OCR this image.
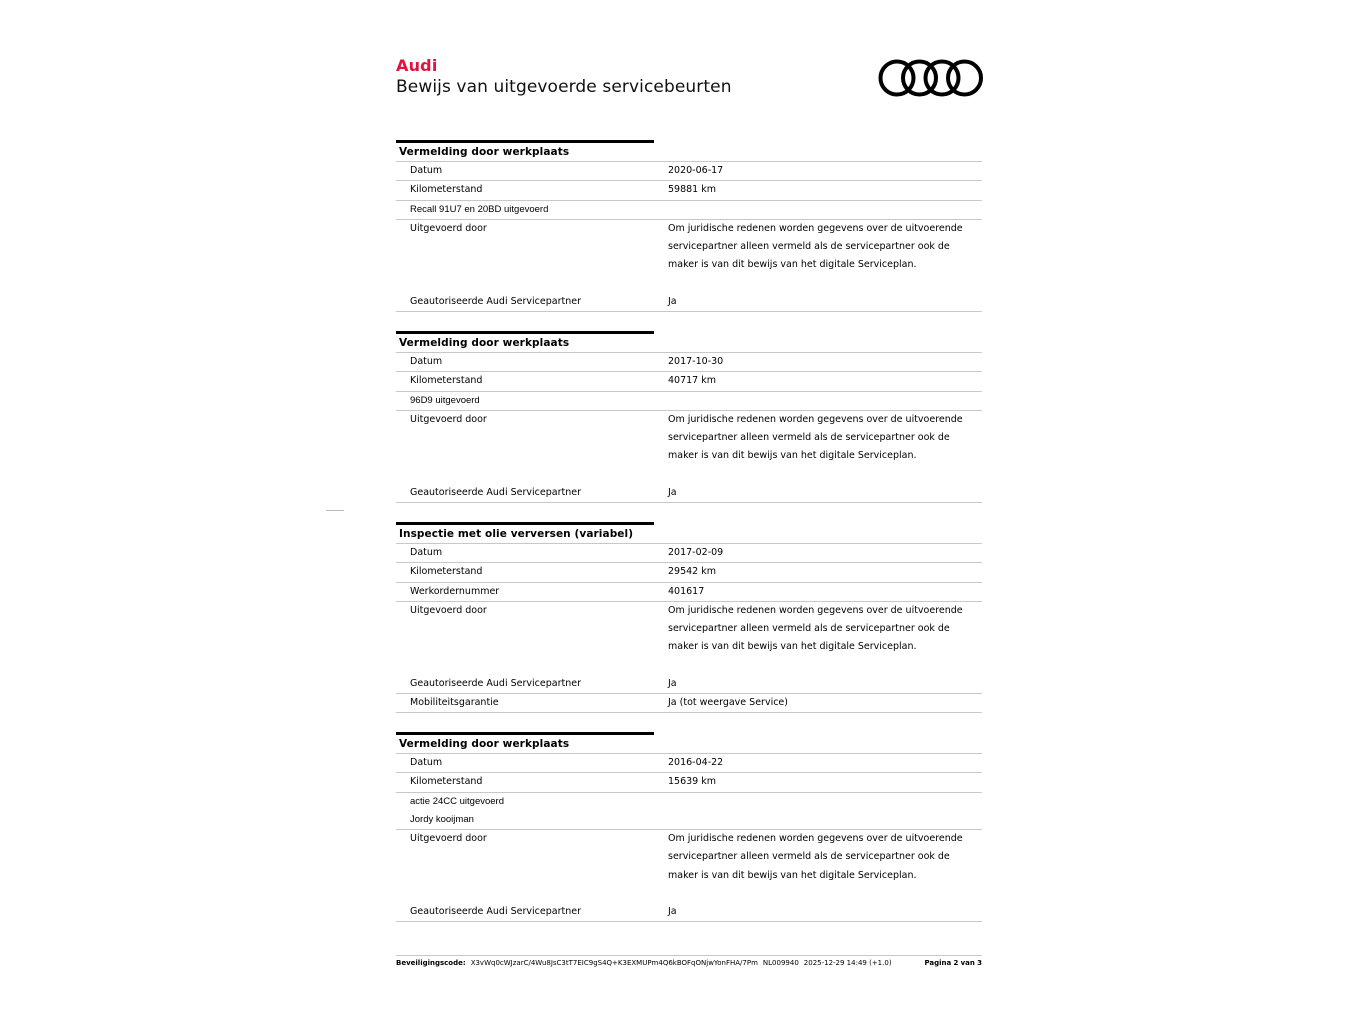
Audi
Bewijs van uitgevoerde servicebeurten
Vermelding door werkplaats
Datum	2020-06-17
Kilometerstand	59881 km
Recall 91U7 en 20BD uitgevoerd
Uitgevoerd door	Om juridische redenen worden gegevens over de uitvoerende servicepartner alleen vermeld als de servicepartner ook de maker is van dit bewijs van het digitale Serviceplan.
Geautoriseerde Audi Servicepartner	Ja
Vermelding door werkplaats
Datum	2017-10-30
Kilometerstand	40717 km
96D9 uitgevoerd
Uitgevoerd door	Om juridische redenen worden gegevens over de uitvoerende servicepartner alleen vermeld als de servicepartner ook de maker is van dit bewijs van het digitale Serviceplan.
Geautoriseerde Audi Servicepartner	Ja
Inspectie met olie verversen (variabel)
Datum	2017-02-09
Kilometerstand	29542 km
Werkordernummer	401617
Uitgevoerd door	Om juridische redenen worden gegevens over de uitvoerende servicepartner alleen vermeld als de servicepartner ook de maker is van dit bewijs van het digitale Serviceplan.
Geautoriseerde Audi Servicepartner	Ja
Mobiliteitsgarantie	Ja (tot weergave Service)
Vermelding door werkplaats
Datum	2016-04-22
Kilometerstand	15639 km
actie 24CC uitgevoerd
Jordy kooijman
Uitgevoerd door	Om juridische redenen worden gegevens over de uitvoerende servicepartner alleen vermeld als de servicepartner ook de maker is van dit bewijs van het digitale Serviceplan.
Geautoriseerde Audi Servicepartner	Ja
Beveiligingscode: X3vWq0cWJzarC/4Wu8JsC3tT7EIC9gS4Q+K3EXMUPm4Q6kBOFqONjwYonFHA/7Pm NL009940 2025-12-29 14:49 (+1.0)	Pagina 2 van 3
